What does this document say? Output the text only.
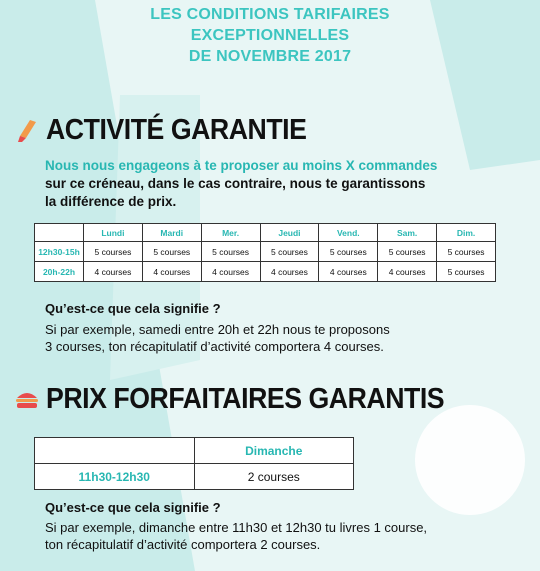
LES CONDITIONS TARIFAIRES
EXCEPTIONNELLES
DE NOVEMBRE 2017
ACTIVITÉ GARANTIE
Nous nous engageons à te proposer au moins X commandes
sur ce créneau, dans le cas contraire, nous te garantissons
la différence de prix.
	Lundi	Mardi	Mer.	Jeudi	Vend.	Sam.	Dim.
12h30-15h	5 courses	5 courses	5 courses	5 courses	5 courses	5 courses	5 courses
20h-22h	4 courses	4 courses	4 courses	4 courses	4 courses	4 courses	5 courses
Qu’est-ce que cela signifie ?
Si par exemple, samedi entre 20h et 22h nous te proposons
3 courses, ton récapitulatif d’activité comportera 4 courses.
PRIX FORFAITAIRES GARANTIS
	Dimanche
11h30-12h30	2 courses
Qu’est-ce que cela signifie ?
Si par exemple, dimanche entre 11h30 et 12h30 tu livres 1 course,
ton récapitulatif d’activité comportera 2 courses.
